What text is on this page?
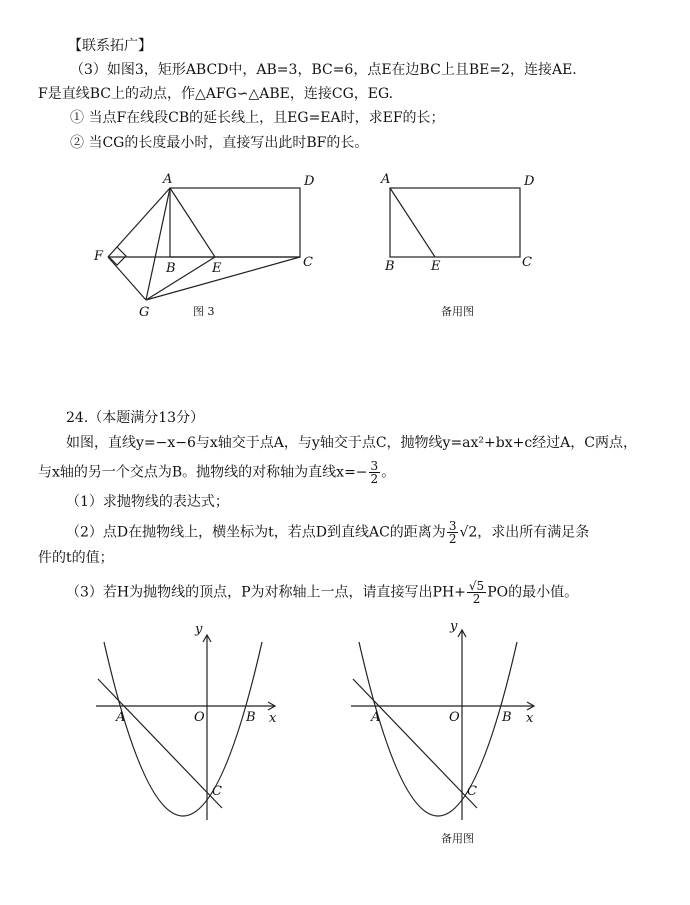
【联系拓广】
（3）如图3，矩形ABCD中，AB=3，BC=6，点E在边BC上且BE=2，连接AE.
F是直线BC上的动点，作△AFG∽△ABE，连接CG，EG.
① 当点F在线段CB的延长线上，且EG=EA时，求EF的长；
② 当CG的长度最小时，直接写出此时BF的长。
A	D
F
B	E	C
G	图 3
A	D
B	E	C
备用图
24.（本题满分13分）
如图，直线y=−x−6与x轴交于点A，与y轴交于点C，抛物线y=ax²+bx+c经过A，C两点，
与x轴的另一个交点为B。抛物线的对称轴为直线$x=- \frac{3}{2}$ 。
（1）求抛物线的表达式；
（2）点D在抛物线上，横坐标为t，若点D到直线AC的距离为 $\frac{3}{2} √2$，求出所有满足条
件的t的值；
（3）若H为抛物线的顶点，P为对称轴上一点，请直接写出$PH+ \frac{√5}{2}$ PO的最小值。
y
x
A	O	B
C
y
x
A	O	B
C
备用图
